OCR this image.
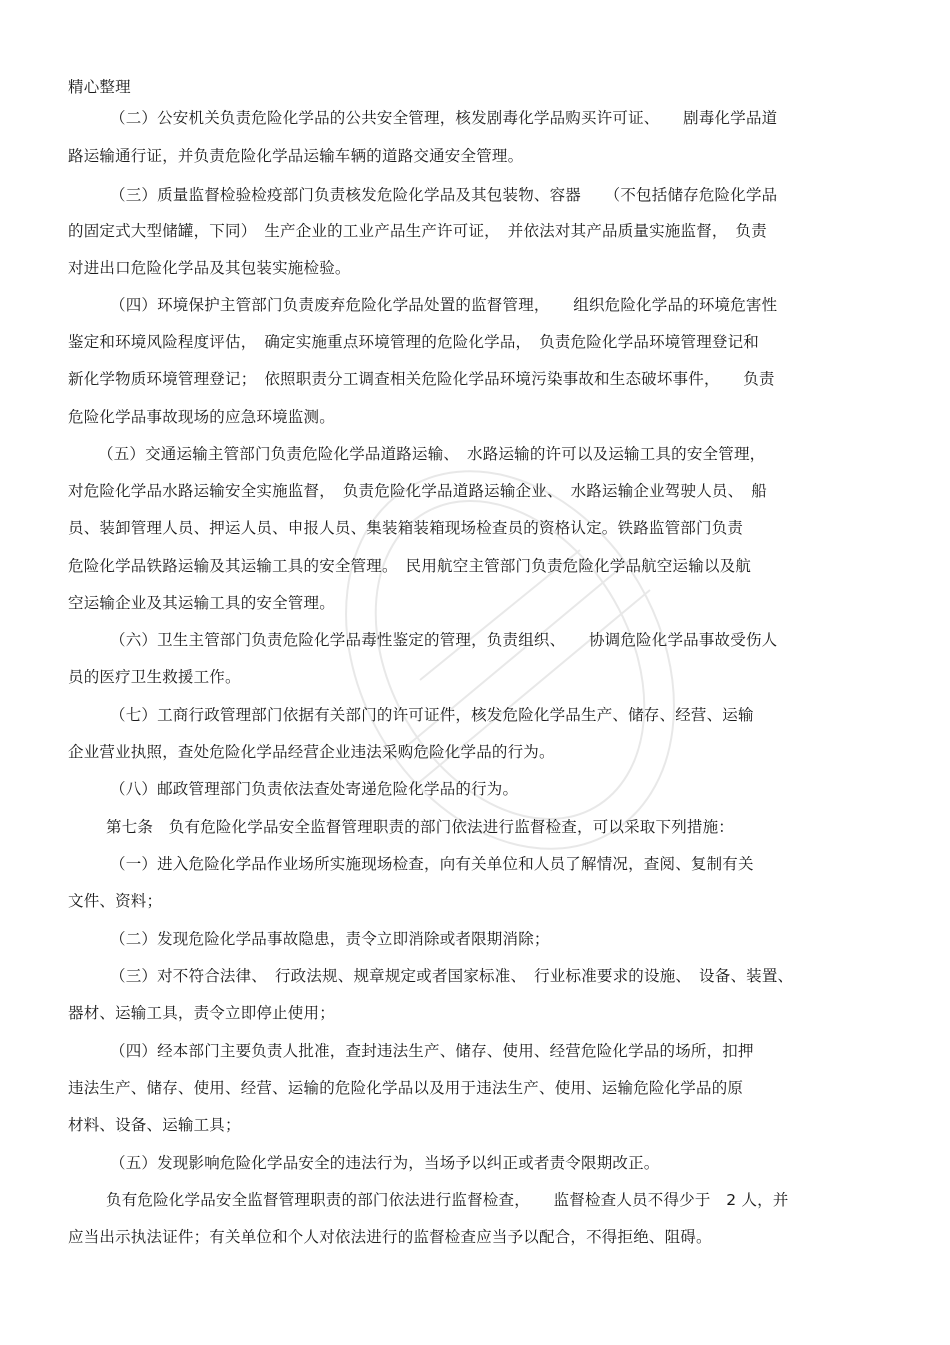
精心整理
（二）公安机关负责危险化学品的公共安全管理，核发剧毒化学品购买许可证、　　剧毒化学品道
路运输通行证，并负责危险化学品运输车辆的道路交通安全管理。
（三）质量监督检验检疫部门负责核发危险化学品及其包装物、容器　　（不包括储存危险化学品
的固定式大型储罐，下同）　生产企业的工业产品生产许可证，　并依法对其产品质量实施监督，　负责
对进出口危险化学品及其包装实施检验。
（四）环境保护主管部门负责废弃危险化学品处置的监督管理，　　组织危险化学品的环境危害性
鉴定和环境风险程度评估，　确定实施重点环境管理的危险化学品，　负责危险化学品环境管理登记和
新化学物质环境管理登记；　依照职责分工调查相关危险化学品环境污染事故和生态破坏事件，　　负责
危险化学品事故现场的应急环境监测。
（五）交通运输主管部门负责危险化学品道路运输、　水路运输的许可以及运输工具的安全管理，
对危险化学品水路运输安全实施监督，　负责危险化学品道路运输企业、　水路运输企业驾驶人员、　船
员、装卸管理人员、押运人员、申报人员、集装箱装箱现场检查员的资格认定。铁路监管部门负责
危险化学品铁路运输及其运输工具的安全管理。　民用航空主管部门负责危险化学品航空运输以及航
空运输企业及其运输工具的安全管理。
（六）卫生主管部门负责危险化学品毒性鉴定的管理，负责组织、　　协调危险化学品事故受伤人
员的医疗卫生救援工作。
（七）工商行政管理部门依据有关部门的许可证件，核发危险化学品生产、储存、经营、运输
企业营业执照，查处危险化学品经营企业违法采购危险化学品的行为。
（八）邮政管理部门负责依法查处寄递危险化学品的行为。
第七条　负有危险化学品安全监督管理职责的部门依法进行监督检查，可以采取下列措施：
（一）进入危险化学品作业场所实施现场检查，向有关单位和人员了解情况，查阅、复制有关
文件、资料；
（二）发现危险化学品事故隐患，责令立即消除或者限期消除；
（三）对不符合法律、　行政法规、规章规定或者国家标准、　行业标准要求的设施、　设备、装置、
器材、运输工具，责令立即停止使用；
（四）经本部门主要负责人批准，查封违法生产、储存、使用、经营危险化学品的场所，扣押
违法生产、储存、使用、经营、运输的危险化学品以及用于违法生产、使用、运输危险化学品的原
材料、设备、运输工具；
（五）发现影响危险化学品安全的违法行为，当场予以纠正或者责令限期改正。
负有危险化学品安全监督管理职责的部门依法进行监督检查，　　监督检查人员不得少于　2 人，并
应当出示执法证件；有关单位和个人对依法进行的监督检查应当予以配合，不得拒绝、阻碍。
